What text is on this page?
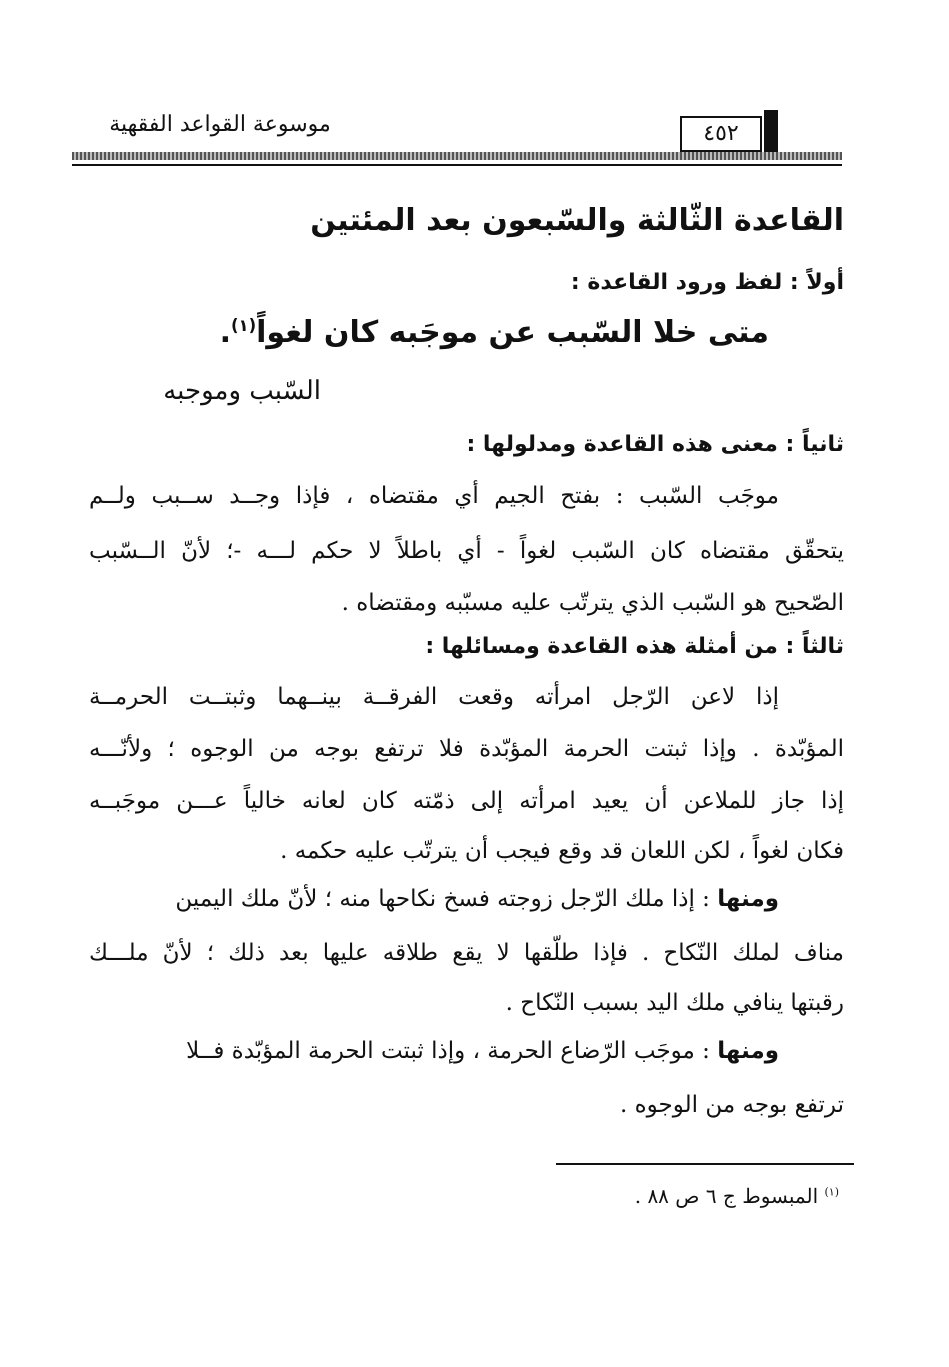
موسوعة القواعد الفقهية	٤٥٢
القاعدة الثّالثة والسّبعون بعد المئتين
أولاً : لفظ ورود القاعدة :
متى خلا السّبب عن موجَبه كان لغواً$^{(١)}$.
السّبب وموجبه
ثانياً : معنى هذه القاعدة ومدلولها :
موجَب السّبب : بفتح الجيم أي مقتضاه ، فإذا وجــد ســبب ولــم
يتحقّق مقتضاه كان السّبب لغواً - أي باطلاً لا حكم لـــه -؛ لأنّ الــسّبب
الصّحيح هو السّبب الذي يترتّب عليه مسبّبه ومقتضاه .
ثالثاً : من أمثلة هذه القاعدة ومسائلها :
إذا لاعن الرّجل امرأته وقعت الفرقــة بينــهما وثبتــت الحرمــة
المؤبّدة . وإذا ثبتت الحرمة المؤبّدة فلا ترتفع بوجه من الوجوه ؛ ولأنّـــه
إذا جاز للملاعن أن يعيد امرأته إلى ذمّته كان لعانه خالياً عـــن موجَبــه
فكان لغواً ، لكن اللعان قد وقع فيجب أن يترتّب عليه حكمه .
ومنها : إذا ملك الرّجل زوجته فسخ نكاحها منه ؛ لأنّ ملك اليمين
مناف لملك النّكاح . فإذا طلّقها لا يقع طلاقه عليها بعد ذلك ؛ لأنّ ملـــك
رقبتها ينافي ملك اليد بسبب النّكاح .
ومنها : موجَب الرّضاع الحرمة ، وإذا ثبتت الحرمة المؤبّدة فــلا
ترتفع بوجه من الوجوه .
$^{(١)}$ المبسوط ج ٦ ص ٨٨ .
